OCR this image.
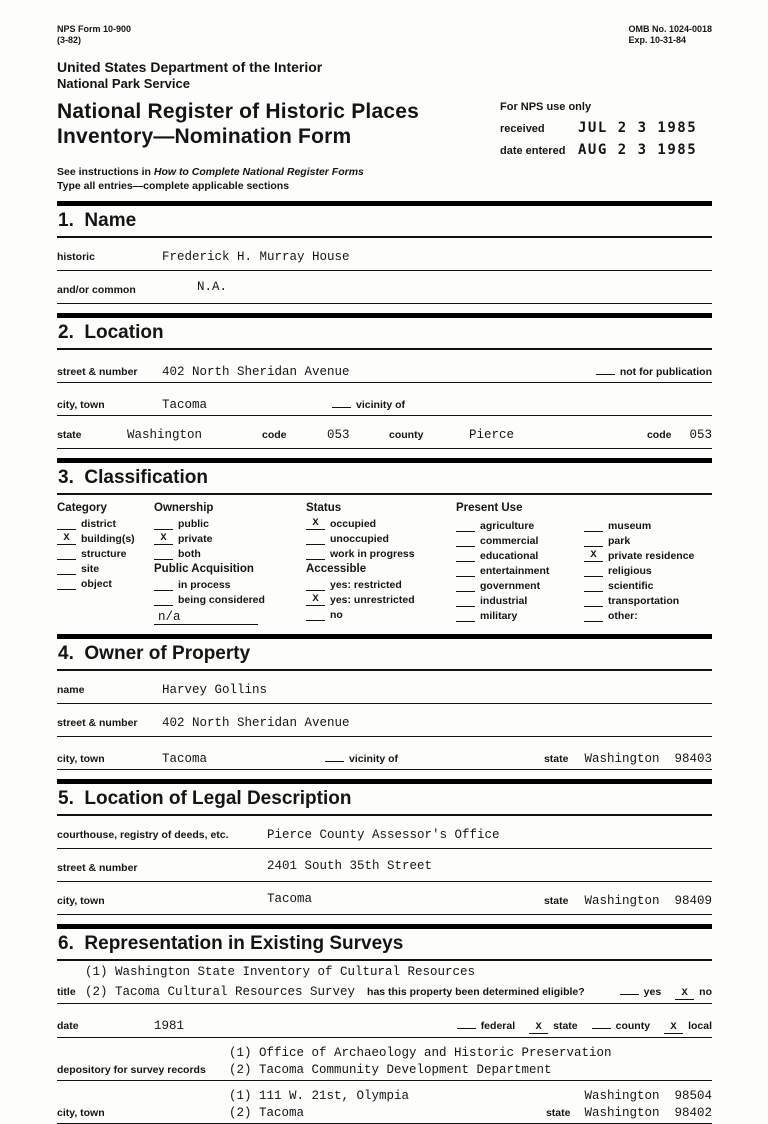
NPS Form 10-900
(3-82)
OMB No. 1024-0018
Exp. 10-31-84
United States Department of the Interior
National Park Service
National Register of Historic Places
Inventory—Nomination Form
For NPS use only
received	JUL 2 3 1985
date entered AUG 2 3 1985
See instructions in How to Complete National Register Forms
Type all entries—complete applicable sections
1.  Name
historic	Frederick H. Murray House
and/or common	N.A.
2.  Location
street & number	402 North Sheridan Avenue	not for publication
city, town	Tacoma	vicinity of
state	Washington	code	053	county	Pierce	code 053
3.  Classification
Category
district
X	building(s)
structure
site
object
Ownership
public
X	private
both
Public Acquisition
in process
being considered
n/a
Status
X	occupied
unoccupied
work in progress
Accessible
yes: restricted
X	yes: unrestricted
no
Present Use
agriculture
commercial
educational
entertainment
government
industrial
military
museum
park
X	private residence
religious
scientific
transportation
other:
4.  Owner of Property
name	Harvey Gollins
street & number	402 North Sheridan Avenue
city, town	Tacoma	vicinity of	state Washington  98403
5.  Location of Legal Description
courthouse, registry of deeds, etc.	Pierce County Assessor's Office
street & number	2401 South 35th Street
city, town	Tacoma	state Washington  98409
6.  Representation in Existing Surveys
(1) Washington State Inventory of Cultural Resources
title (2) Tacoma Cultural Resources Survey has this property been determined eligible?	yes	X	no
date	1981	federal	X	state	county	X	local
depository for survey records
(1) Office of Archaeology and Historic Preservation
(2) Tacoma Community Development Department
city, town
(1) 111 W. 21st, Olympia	Washington  98504
(2) Tacoma	state Washington  98402
